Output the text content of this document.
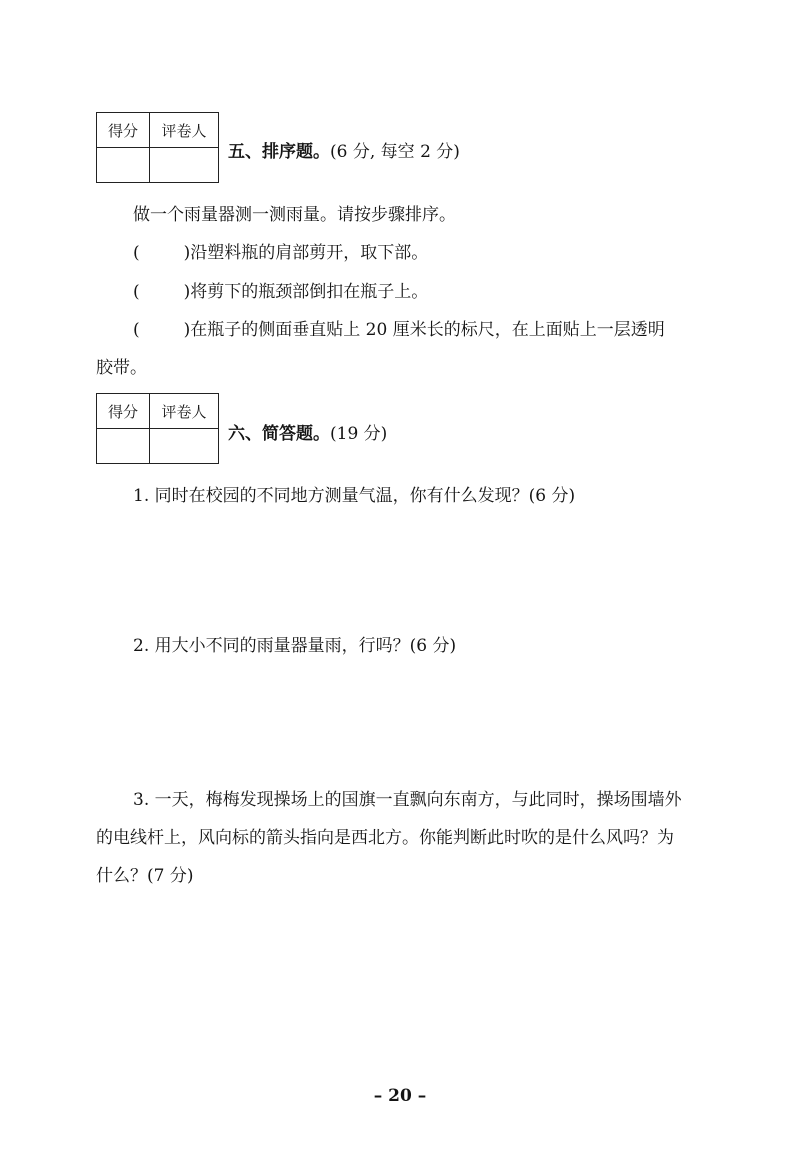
得分	评卷人

五、排序题。(6 分, 每空 2 分)
做一个雨量器测一测雨量。请按步骤排序。
(	)沿塑料瓶的肩部剪开，取下部。
(	)将剪下的瓶颈部倒扣在瓶子上。
(	)在瓶子的侧面垂直贴上 20 厘米长的标尺，在上面贴上一层透明
胶带。
得分	评卷人

六、简答题。(19 分)
1. 同时在校园的不同地方测量气温，你有什么发现？(6 分)
2. 用大小不同的雨量器量雨，行吗？(6 分)
3. 一天，梅梅发现操场上的国旗一直飘向东南方，与此同时，操场围墙外
的电线杆上，风向标的箭头指向是西北方。你能判断此时吹的是什么风吗？为
什么？(7 分)
– 20 –
